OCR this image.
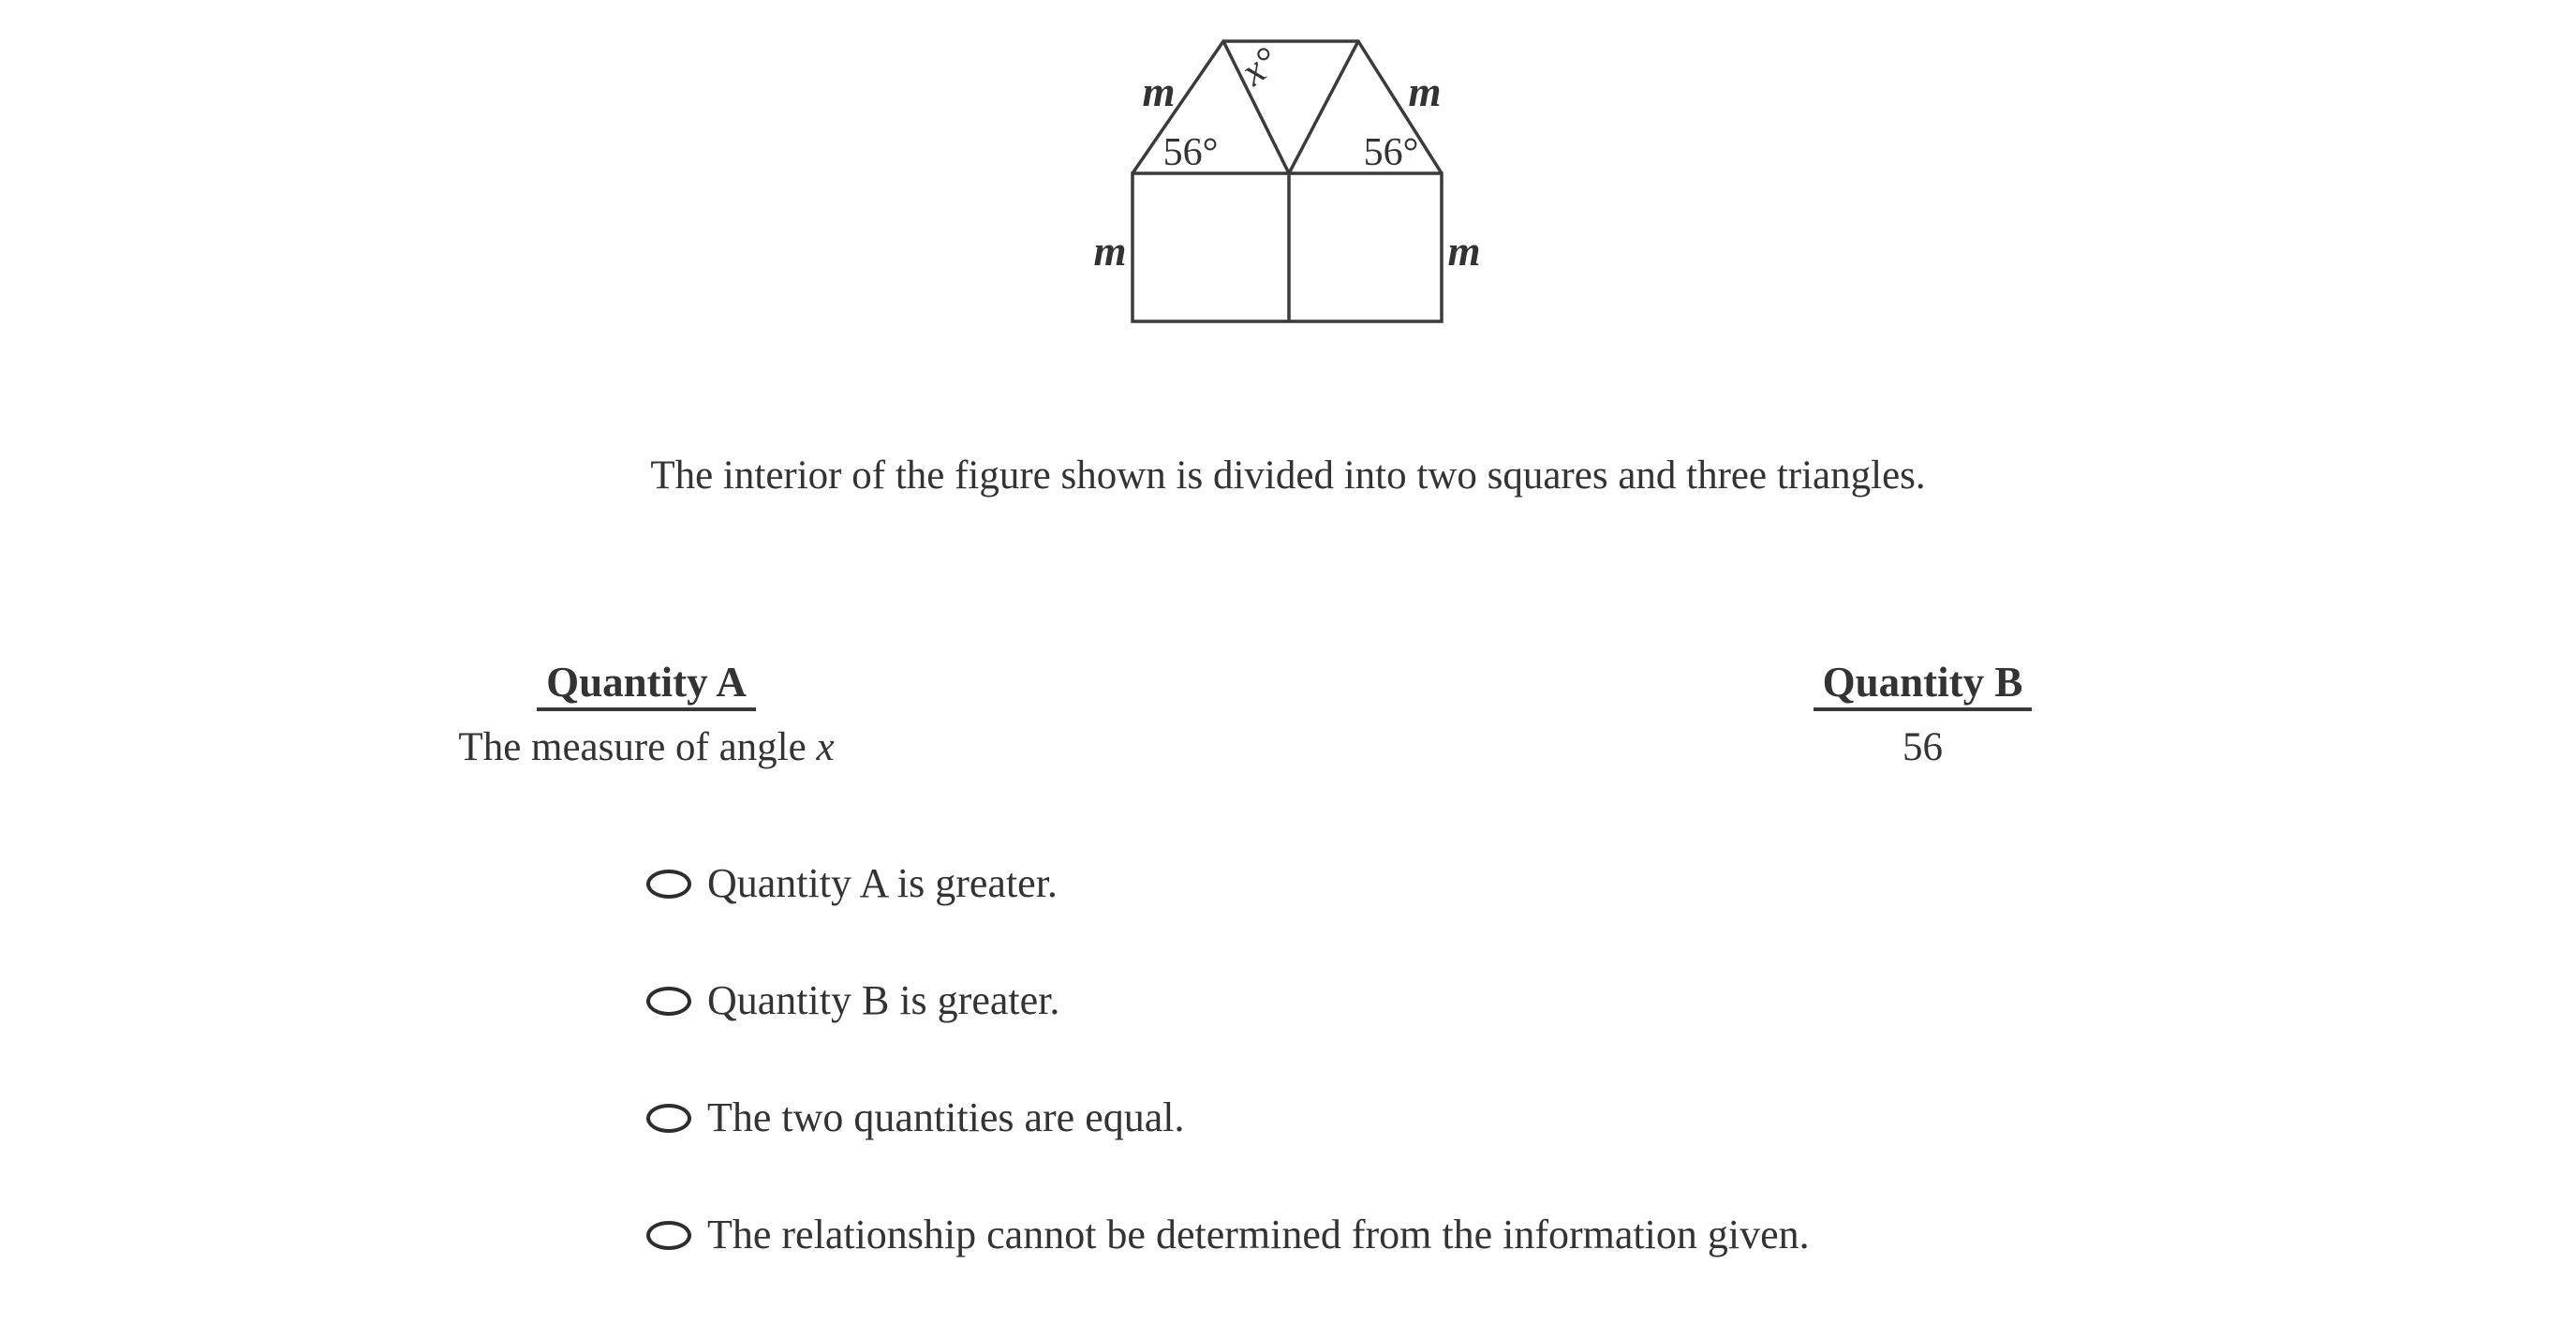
m	m
m	m
56°	56°
x°
The interior of the figure shown is divided into two squares and three triangles.
Quantity A	Quantity B
The measure of angle x	56
Quantity A is greater.
Quantity B is greater.
The two quantities are equal.
The relationship cannot be determined from the information given.
